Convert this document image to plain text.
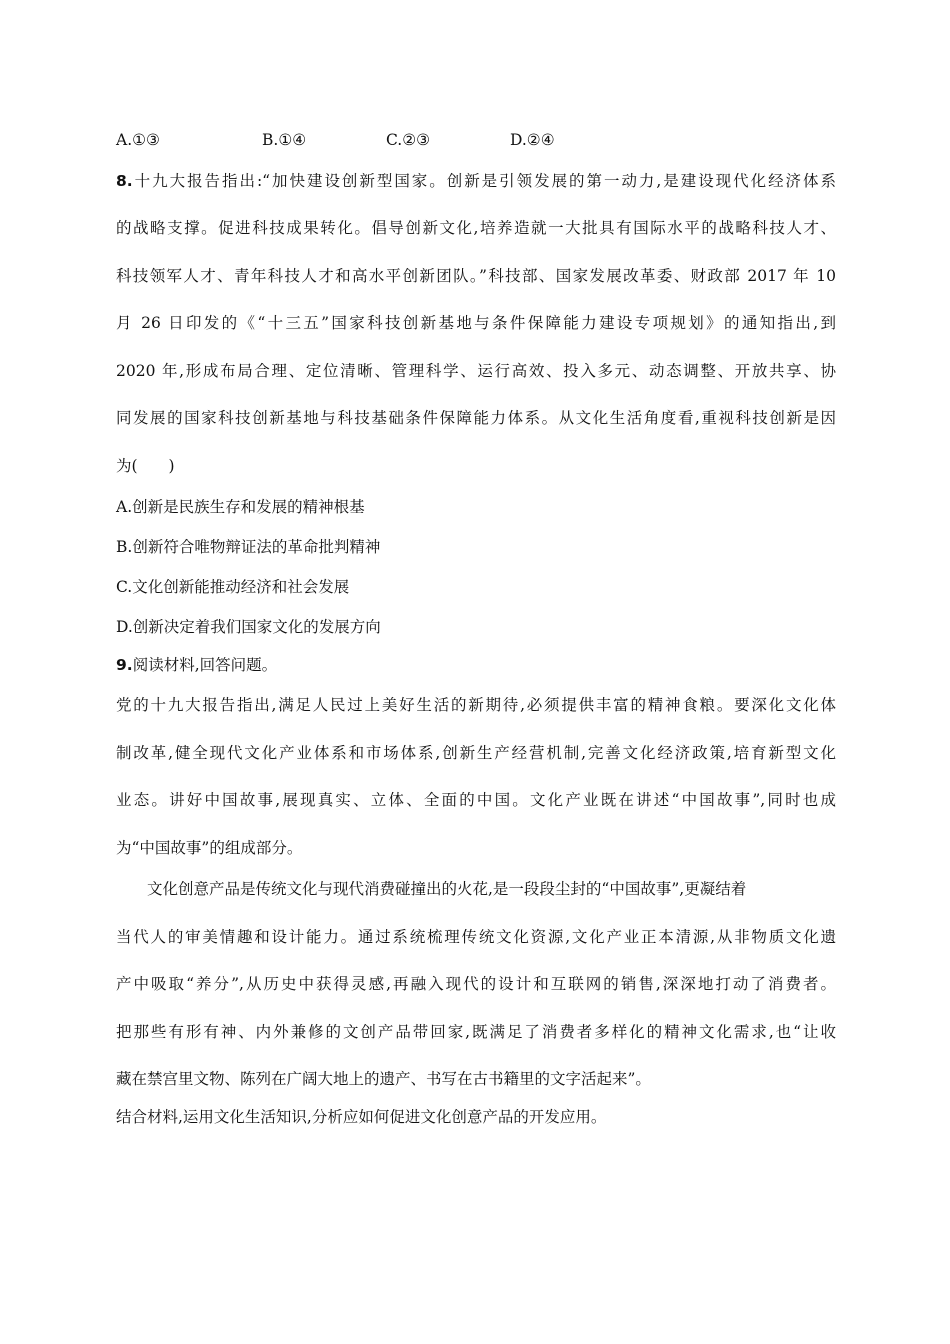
A.①③	B.①④	C.②③	D.②④
8.十九大报告指出:“加快建设创新型国家。创新是引领发展的第一动力,是建设现代化经济体系
的战略支撑。促进科技成果转化。倡导创新文化,培养造就一大批具有国际水平的战略科技人才、
科技领军人才、青年科技人才和高水平创新团队。”科技部、国家发展改革委、财政部 2017 年 10
月 26 日印发的《“十三五”国家科技创新基地与条件保障能力建设专项规划》的通知指出,到
2020 年,形成布局合理、定位清晰、管理科学、运行高效、投入多元、动态调整、开放共享、协
同发展的国家科技创新基地与科技基础条件保障能力体系。从文化生活角度看,重视科技创新是因
为(　　)
A.创新是民族生存和发展的精神根基
B.创新符合唯物辩证法的革命批判精神
C.文化创新能推动经济和社会发展
D.创新决定着我们国家文化的发展方向
9.阅读材料,回答问题。
党的十九大报告指出,满足人民过上美好生活的新期待,必须提供丰富的精神食粮。要深化文化体
制改革,健全现代文化产业体系和市场体系,创新生产经营机制,完善文化经济政策,培育新型文化
业态。讲好中国故事,展现真实、立体、全面的中国。文化产业既在讲述“中国故事”,同时也成
为“中国故事”的组成部分。
文化创意产品是传统文化与现代消费碰撞出的火花,是一段段尘封的“中国故事”,更凝结着
当代人的审美情趣和设计能力。通过系统梳理传统文化资源,文化产业正本清源,从非物质文化遗
产中吸取“养分”,从历史中获得灵感,再融入现代的设计和互联网的销售,深深地打动了消费者。
把那些有形有神、内外兼修的文创产品带回家,既满足了消费者多样化的精神文化需求,也“让收
藏在禁宫里文物、陈列在广阔大地上的遗产、书写在古书籍里的文字活起来”。
结合材料,运用文化生活知识,分析应如何促进文化创意产品的开发应用。
